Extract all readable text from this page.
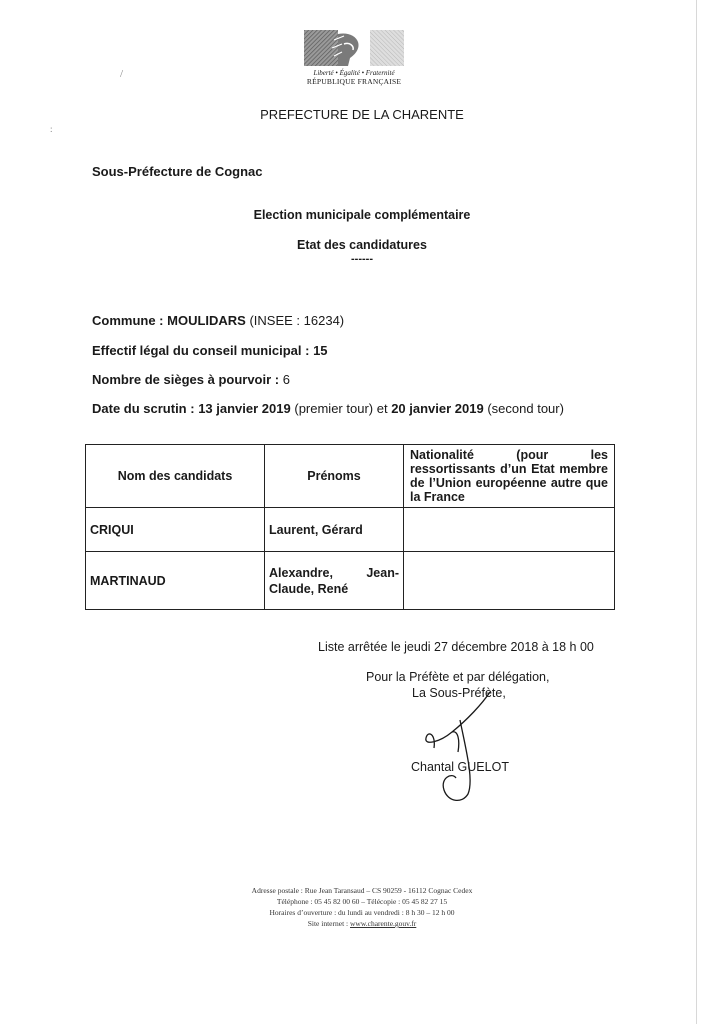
/
:
Liberté • Égalité • Fraternité
RÉPUBLIQUE FRANÇAISE
PREFECTURE DE LA CHARENTE
Sous-Préfecture de Cognac
Election municipale complémentaire
Etat des candidatures
------
Commune : MOULIDARS (INSEE : 16234)
Effectif légal du conseil municipal : 15
Nombre de sièges à pourvoir : 6
Date du scrutin : 13 janvier 2019 (premier tour) et 20 janvier 2019 (second tour)
Nom des candidats	Prénoms	Nationalité (pour les ressortissants d’un Etat membre de l’Union européenne autre que la France
CRIQUI	Laurent, Gérard	
MARTINAUD	Alexandre, Jean-Claude, René	
Liste arrêtée le jeudi 27 décembre 2018 à 18 h 00
Pour la Préfète et par délégation,
La Sous-Préfète,
Chantal GUELOT
Adresse postale : Rue Jean Taransaud – CS 90259 - 16112 Cognac Cedex
Téléphone : 05 45 82 00 60 – Télécopie : 05 45 82 27 15
Horaires d’ouverture : du lundi au vendredi : 8 h 30 – 12 h 00
Site internet : www.charente.gouv.fr
